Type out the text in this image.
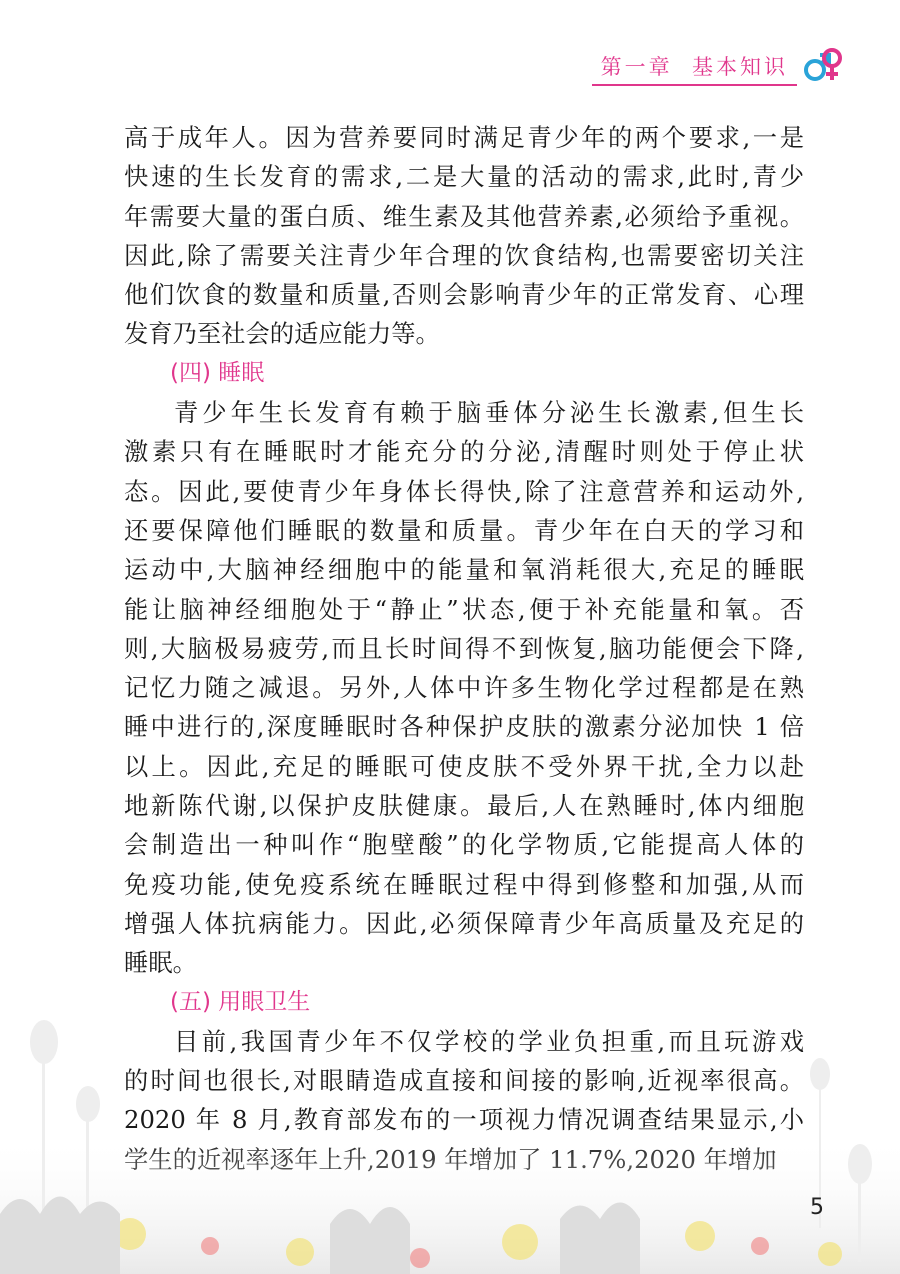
第一章  基本知识

高于成年人。因为营养要同时满足青少年的两个要求,一是
快速的生长发育的需求,二是大量的活动的需求,此时,青少
年需要大量的蛋白质、维生素及其他营养素,必须给予重视。
因此,除了需要关注青少年合理的饮食结构,也需要密切关注
他们饮食的数量和质量,否则会影响青少年的正常发育、心理
发育乃至社会的适应能力等。

(四) 睡眠

青少年生长发育有赖于脑垂体分泌生长激素,但生长
激素只有在睡眠时才能充分的分泌,清醒时则处于停止状
态。因此,要使青少年身体长得快,除了注意营养和运动外,
还要保障他们睡眠的数量和质量。青少年在白天的学习和
运动中,大脑神经细胞中的能量和氧消耗很大,充足的睡眠
能让脑神经细胞处于“静止”状态,便于补充能量和氧。否
则,大脑极易疲劳,而且长时间得不到恢复,脑功能便会下降,
记忆力随之减退。另外,人体中许多生物化学过程都是在熟
睡中进行的,深度睡眠时各种保护皮肤的激素分泌加快 1 倍
以上。因此,充足的睡眠可使皮肤不受外界干扰,全力以赴
地新陈代谢,以保护皮肤健康。最后,人在熟睡时,体内细胞
会制造出一种叫作“胞壁酸”的化学物质,它能提高人体的
免疫功能,使免疫系统在睡眠过程中得到修整和加强,从而
增强人体抗病能力。因此,必须保障青少年高质量及充足的
睡眠。

(五) 用眼卫生

目前,我国青少年不仅学校的学业负担重,而且玩游戏
的时间也很长,对眼睛造成直接和间接的影响,近视率很高。
2020 年 8 月,教育部发布的一项视力情况调查结果显示,小

5
